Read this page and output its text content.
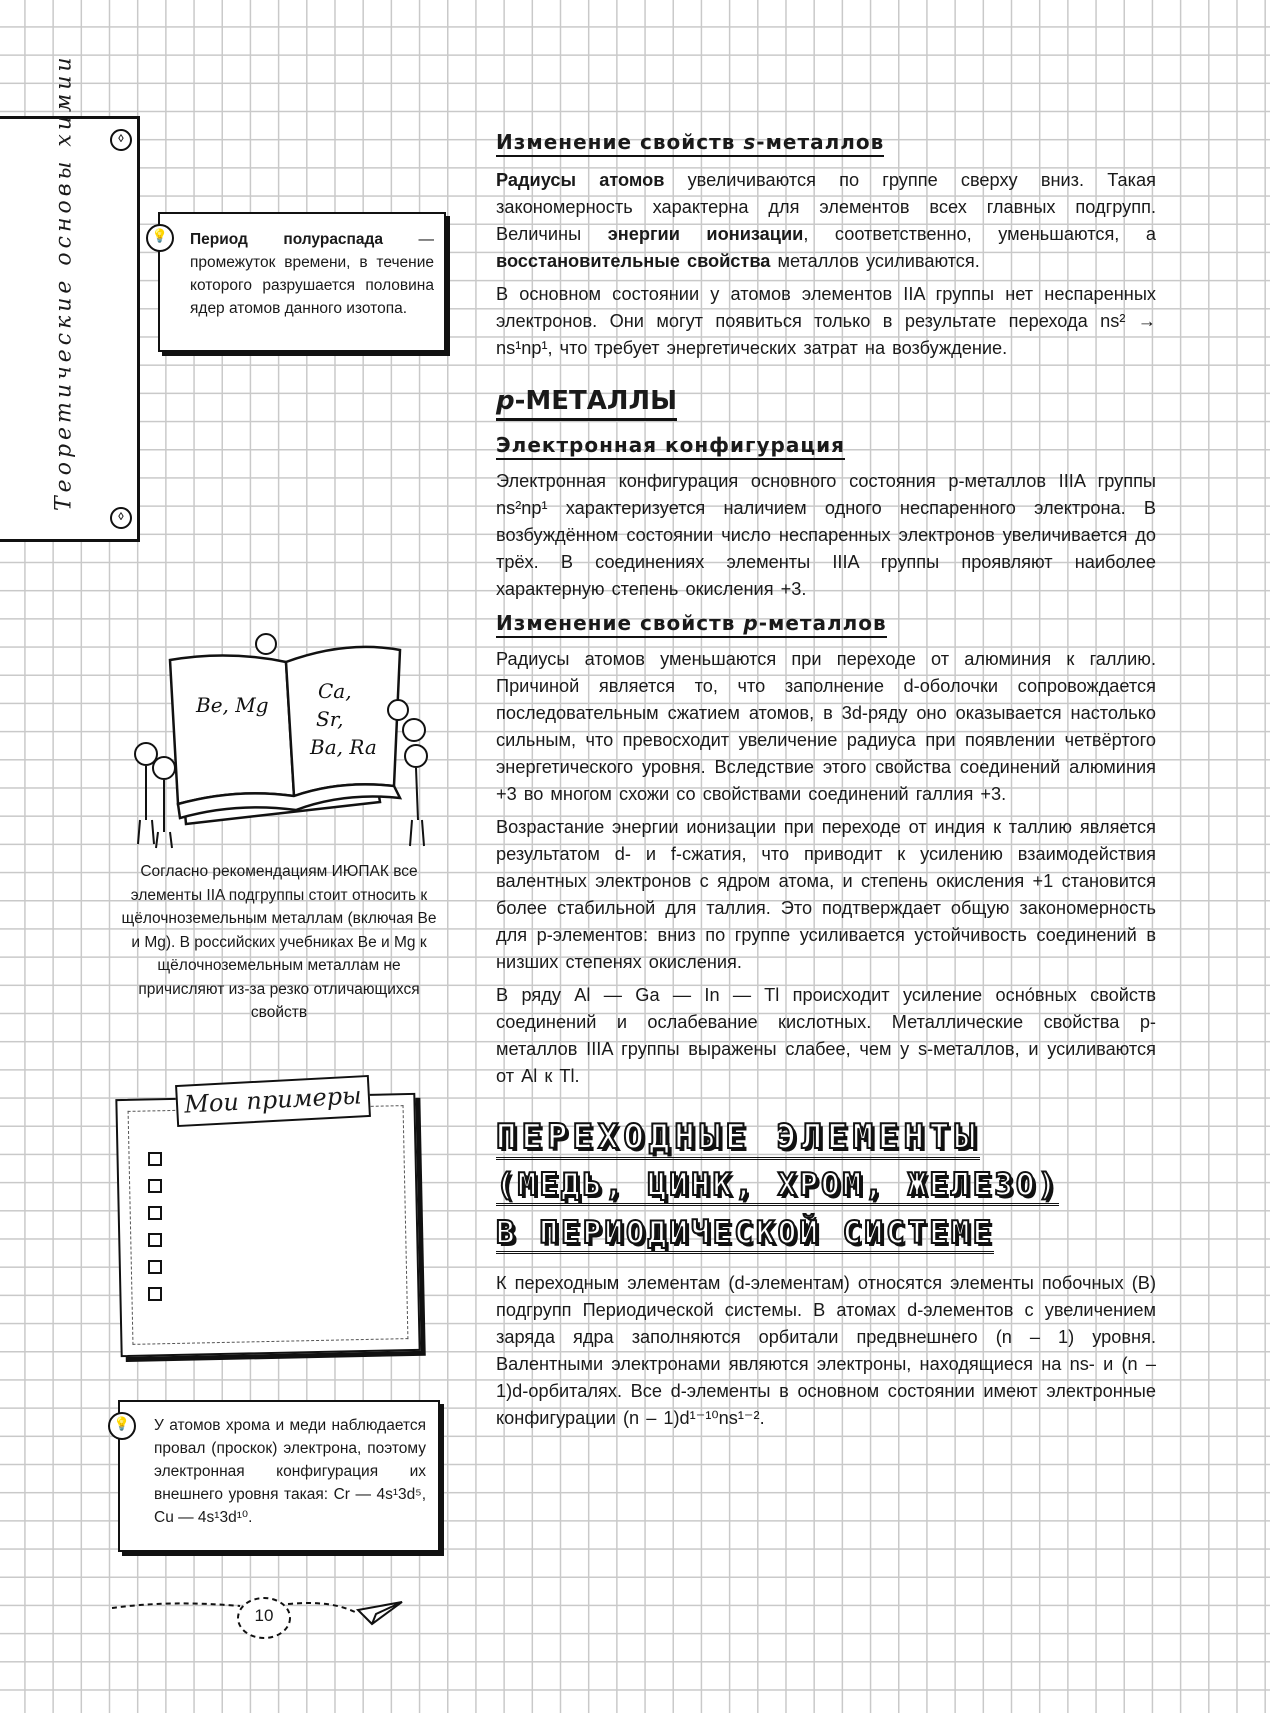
◊
Теоретические основы химии
◊
💡	Период полураспада — промежуток времени, в течение которого разрушается половина ядер атомов данного изотопа.

Be, Mg
Ca,
Sr,
Ba, Ra
Согласно рекомендациям ИЮПАК все элементы IIA подгруппы стоит относить к щёлочноземельным металлам (включая Be и Mg). В российских учебниках Be и Mg к щёлочноземельным металлам не причисляют из-за резко отличающихся свойств
Мои примеры
💡	У атомов хрома и меди наблюдается провал (проскок) электрона, поэтому электронная конфигурация их внешнего уровня такая: Cr — 4s¹3d⁵, Cu — 4s¹3d¹⁰.

10
Изменение свойств s-металлов

Радиусы атомов увеличиваются по группе сверху вниз. Такая закономерность характерна для элементов всех главных подгрупп. Величины энергии ионизации, соответственно, уменьшаются, а восстановительные свойства металлов усиливаются.

В основном состоянии у атомов элементов IIA группы нет неспаренных электронов. Они могут появиться только в результате перехода ns² → ns¹np¹, что требует энергетических затрат на возбуждение.

p-МЕТАЛЛЫ
Электронная конфигурация

Электронная конфигурация основного состояния p-металлов IIIA группы ns²np¹ характеризуется наличием одного неспаренного электрона. В возбуждённом состоянии число неспаренных электронов увеличивается до трёх. В соединениях элементы IIIA группы проявляют наиболее характерную степень окисления +3.

Изменение свойств p-металлов

Радиусы атомов уменьшаются при переходе от алюминия к галлию. Причиной является то, что заполнение d-оболочки сопровождается последовательным сжатием атомов, в 3d-ряду оно оказывается настолько сильным, что превосходит увеличение радиуса при появлении четвёртого энергетического уровня. Вследствие этого свойства соединений алюминия +3 во многом схожи со свойствами соединений галлия +3.

Возрастание энергии ионизации при переходе от индия к таллию является результатом d- и f-сжатия, что приводит к усилению взаимодействия валентных электронов с ядром атома, и степень окисления +1 становится более стабильной для таллия. Это подтверждает общую закономерность для p-элементов: вниз по группе усиливается устойчивость соединений в низших степенях окисления.

В ряду Al — Ga — In — Tl происходит усиление осно́вных свойств соединений и ослабевание кислотных. Металлические свойства p-металлов IIIA группы выражены слабее, чем у s-металлов, и усиливаются от Al к Tl.

ПЕРЕХОДНЫЕ ЭЛЕМЕНТЫ
(МЕДЬ, ЦИНК, ХРОМ, ЖЕЛЕЗО)
В ПЕРИОДИЧЕСКОЙ СИСТЕМЕ

К переходным элементам (d-элементам) относятся элементы побочных (B) подгрупп Периодической системы. В атомах d-элементов с увеличением заряда ядра заполняются орбитали предвнешнего (n – 1) уровня. Валентными электронами являются электроны, находящиеся на ns- и (n – 1)d-орбиталях. Все d-элементы в основном состоянии имеют электронные конфигурации (n – 1)d¹⁻¹⁰ns¹⁻².
